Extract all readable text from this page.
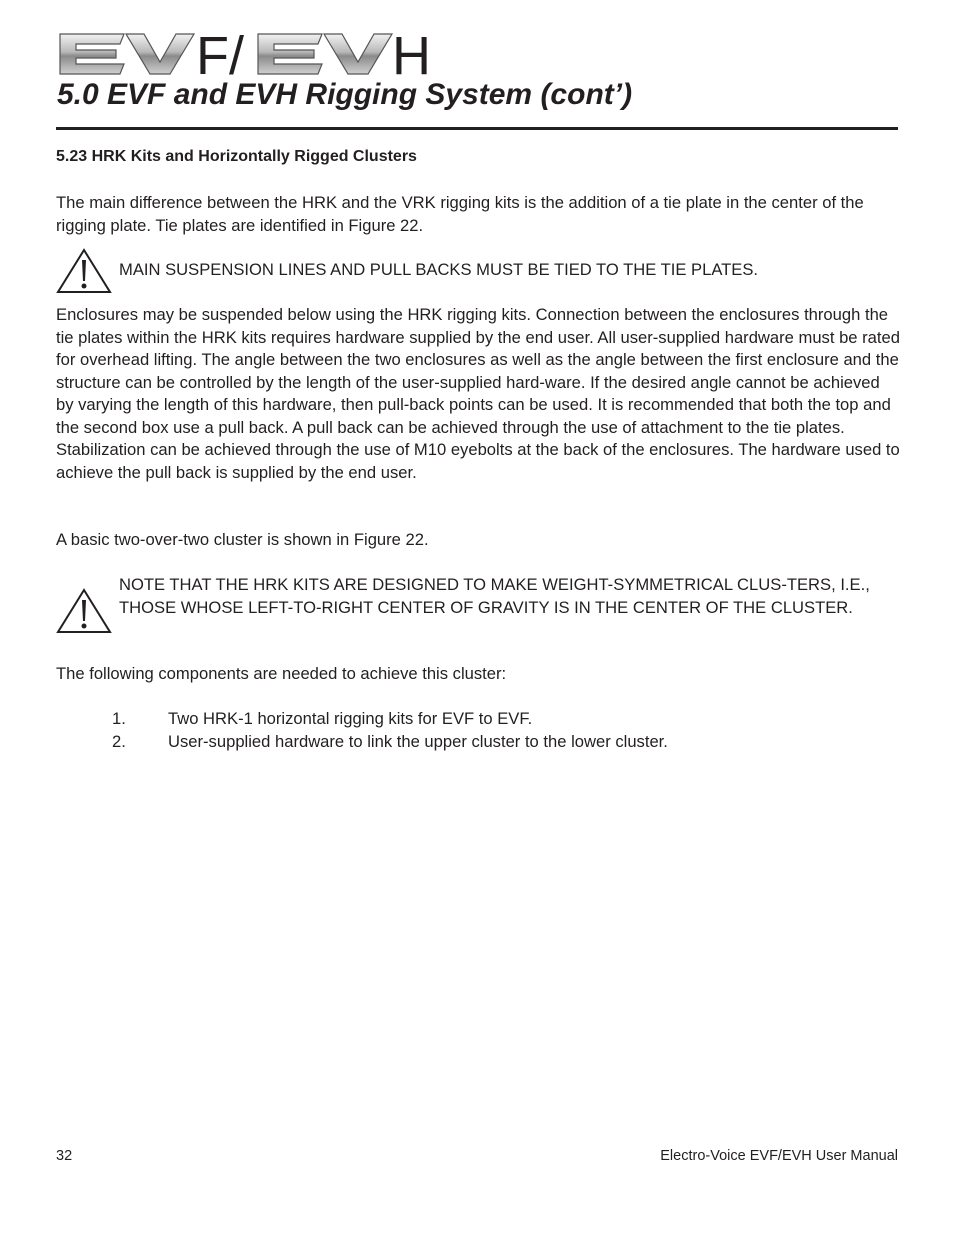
F/	H
5.0 EVF and EVH Rigging System (cont’)
5.23 HRK Kits and Horizontally Rigged Clusters

The main difference between the HRK and the VRK rigging kits is the addition of a tie plate in the center of the rigging plate. Tie plates are identified in Figure 22.

MAIN SUSPENSION LINES AND PULL BACKS MUST BE TIED TO THE TIE PLATES.

Enclosures may be suspended below using the HRK rigging kits. Connection between the enclosures through the tie plates within the HRK kits requires hardware supplied by the end user. All user-supplied hardware must be rated for overhead lifting. The angle between the two enclosures as well as the angle between the first enclosure and the structure can be controlled by the length of the user-supplied hard-ware. If the desired angle cannot be achieved by varying the length of this hardware, then pull-back points can be used. It is recommended that both the top and the second box use a pull back. A pull back can be achieved through the use of attachment to the tie plates. Stabilization can be achieved through the use of M10 eyebolts at the back of the enclosures. The hardware used to achieve the pull back is supplied by the end user.

A basic two-over-two cluster is shown in Figure 22.

NOTE THAT THE HRK KITS ARE DESIGNED TO MAKE WEIGHT-SYMMETRICAL CLUS-TERS, I.E., THOSE WHOSE LEFT-TO-RIGHT CENTER OF GRAVITY IS IN THE CENTER OF THE CLUSTER.

The following components are needed to achieve this cluster:

1.	Two HRK-1 horizontal rigging kits for EVF to EVF.
2.	User-supplied hardware to link the upper cluster to the lower cluster.
32	Electro-Voice EVF/EVH User Manual
